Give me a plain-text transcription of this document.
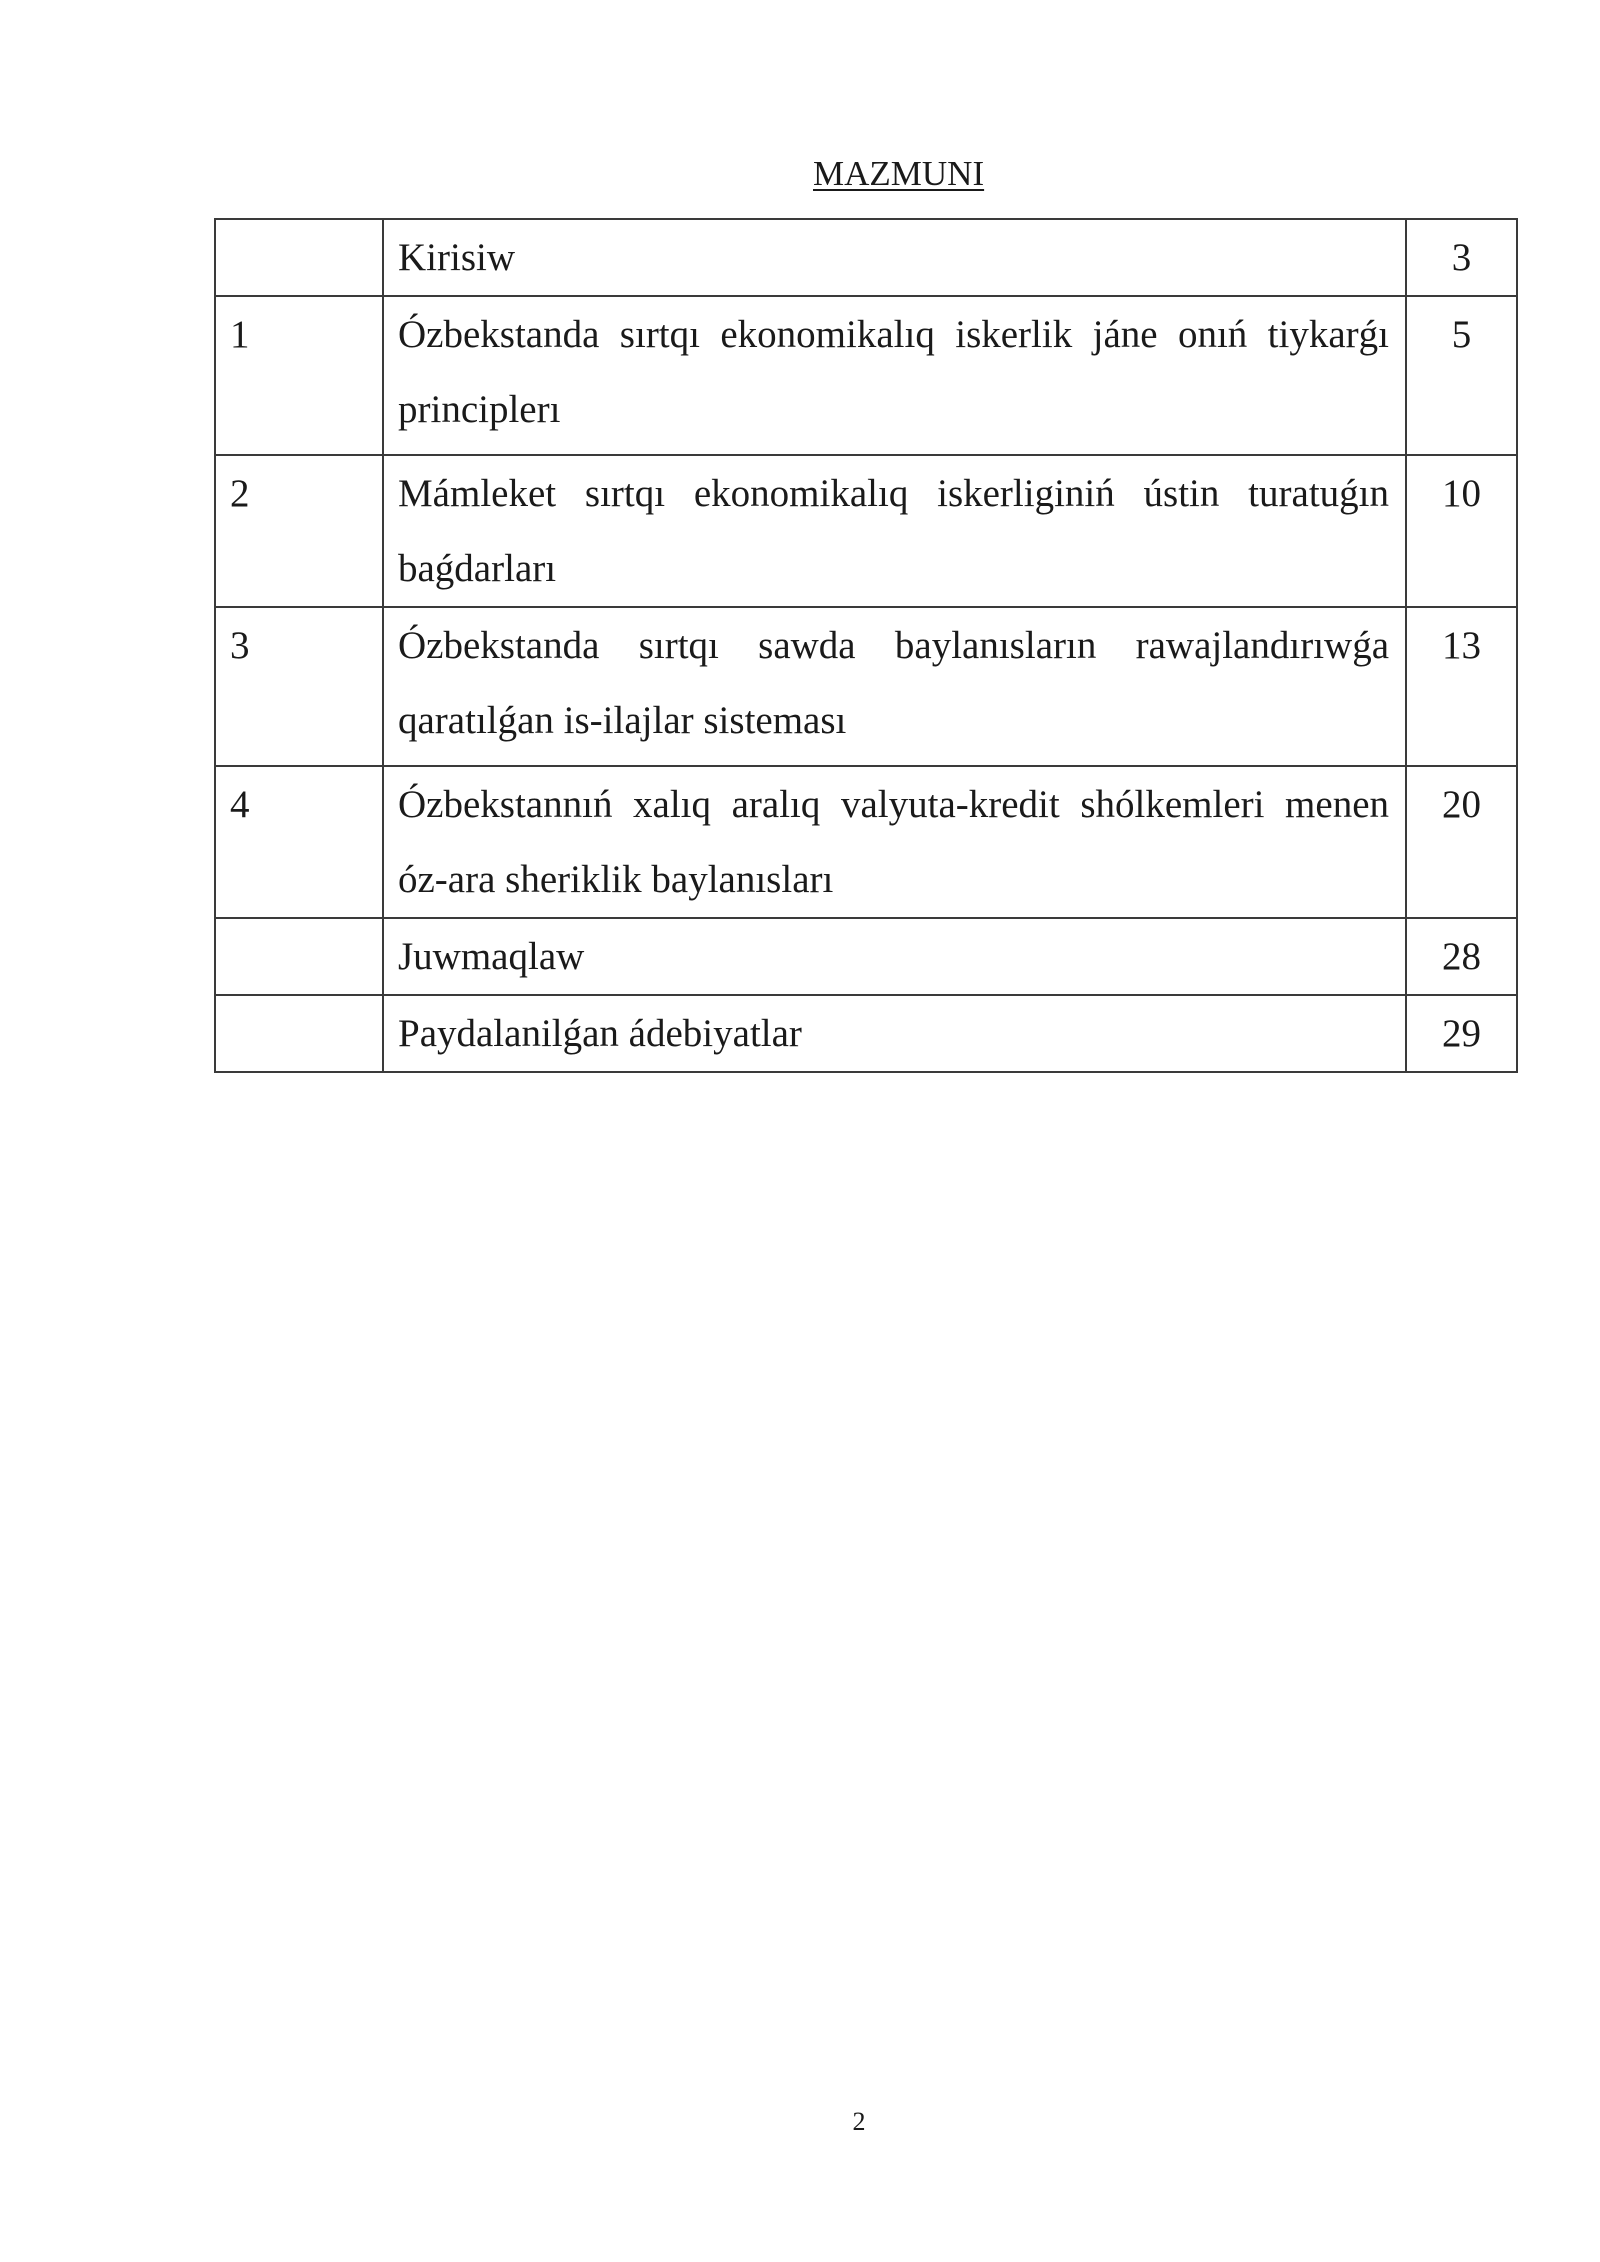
MAZMUNI
	Kirisiw	3
1	Ózbekstanda sırtqı ekonomikalıq iskerlik jáne onıń tiykarǵı principlerı	5
2	Mámleket sırtqı ekonomikalıq iskerliginiń ústin turatuǵın baǵdarları	10
3	Ózbekstanda sırtqı sawda baylanısların rawajlandırıwǵa qaratılǵan is-ilajlar sisteması	13
4	Ózbekstannıń xalıq aralıq valyuta-kredit shólkemleri menen óz-ara sheriklik baylanısları	20
	Juwmaqlaw	28
	Paydalanilǵan ádebiyatlar	29
2
